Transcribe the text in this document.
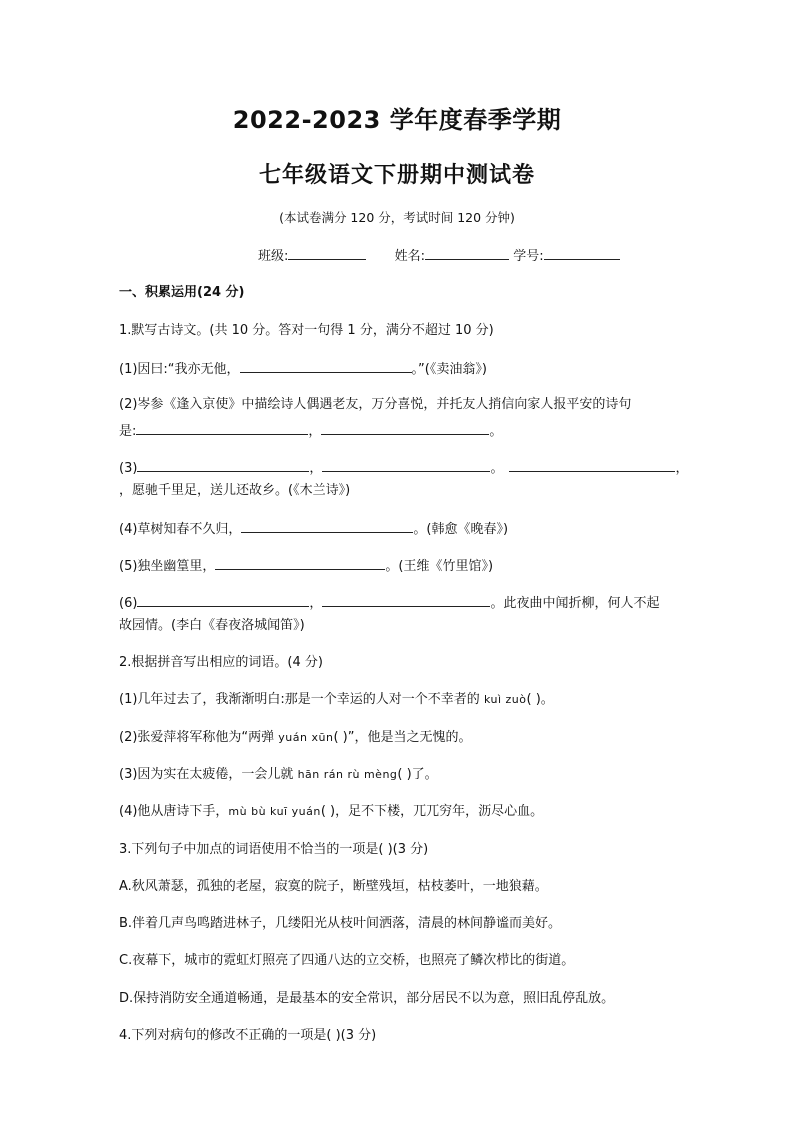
2022-2023 学年度春季学期
七年级语文下册期中测试卷
(本试卷满分 120 分，考试时间 120 分钟)
班级:	姓名:	学号:
一、积累运用(24 分)
1.默写古诗文。(共 10 分。答对一句得 1 分，满分不超过 10 分)
(1)因曰:“我亦无他，	。”(《卖油翁》)
(2)岑参《逢入京使》中描绘诗人偶遇老友，万分喜悦，并托友人捎信向家人报平安的诗句
是:	，	。
(3)	，	。	，
，愿驰千里足，送儿还故乡。(《木兰诗》)
(4)草树知春不久归，	。(韩愈《晚春》)
(5)独坐幽篁里，	。(王维《竹里馆》)
(6)	，	。此夜曲中闻折柳，何人不起
故园情。(李白《春夜洛城闻笛》)
2.根据拼音写出相应的词语。(4 分)
(1)几年过去了，我渐渐明白:那是一个幸运的人对一个不幸者的 kuì zuò( )。
(2)张爱萍将军称他为“两弹 yuán xūn( )”，他是当之无愧的。
(3)因为实在太疲倦，一会儿就 hān rán rù mèng( )了。
(4)他从唐诗下手，mù bù kuī yuán( )，足不下楼，兀兀穷年，沥尽心血。
3.下列句子中加点的词语使用不恰当的一项是( )(3 分)
A.秋风萧瑟，孤独的老屋，寂寞的院子，断壁残垣，枯枝萎叶，一地狼藉。
B.伴着几声鸟鸣踏进林子，几缕阳光从枝叶间洒落，清晨的林间静谧而美好。
C.夜幕下，城市的霓虹灯照亮了四通八达的立交桥，也照亮了鳞次栉比的街道。
D.保持消防安全通道畅通，是最基本的安全常识，部分居民不以为意，照旧乱停乱放。
4.下列对病句的修改不正确的一项是( )(3 分)
